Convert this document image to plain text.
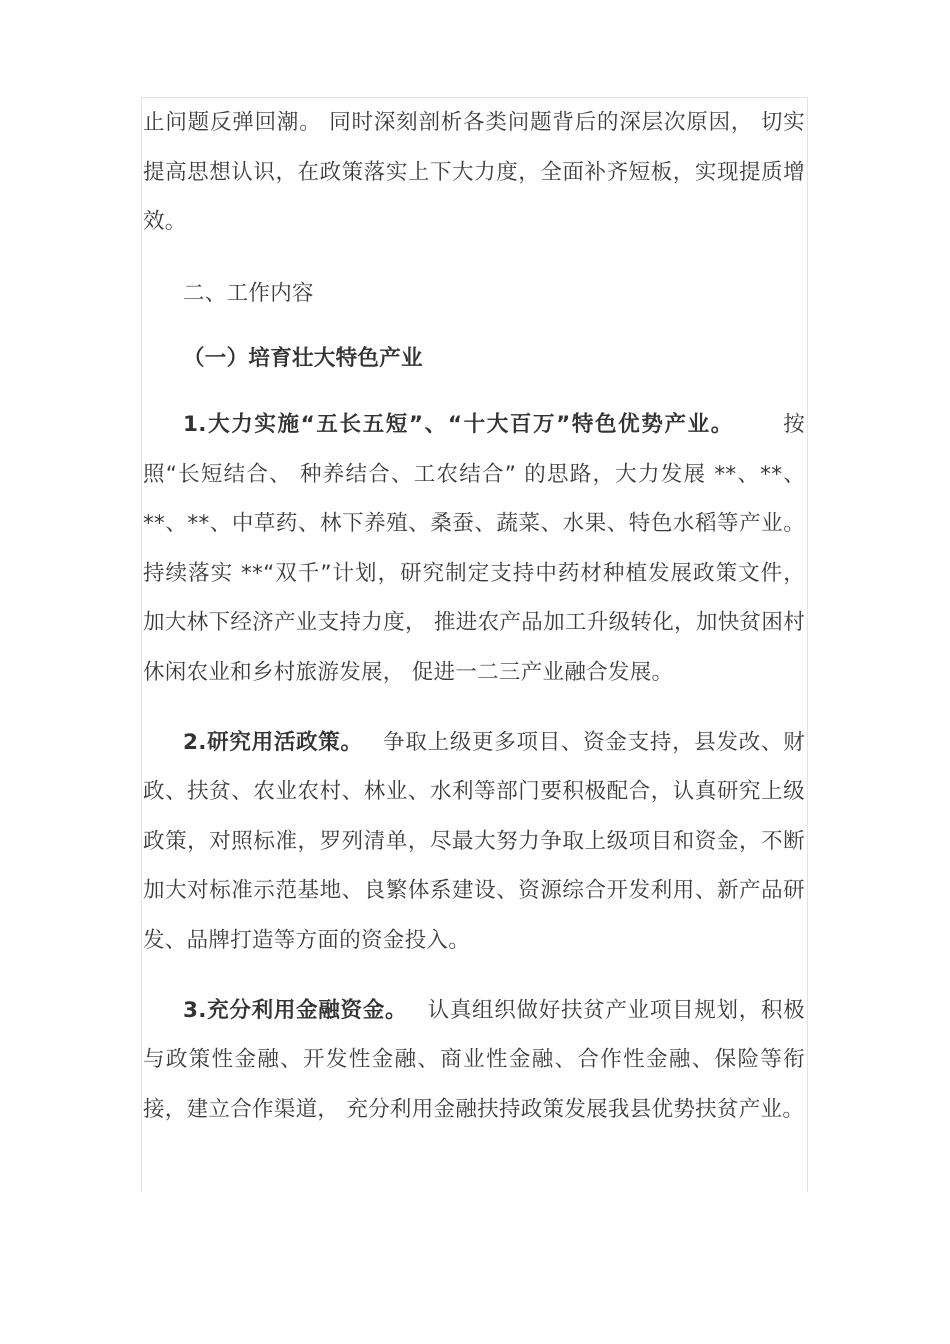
止问题反弹回潮。 同时深刻剖析各类问题背后的深层次原因， 切实提高思想认识，在政策落实上下大力度，全面补齐短板，实现提质增效。

二、工作内容

（一）培育壮大特色产业

1.大力实施“五长五短”、“十大百万”特色优势产业。 按照“长短结合、 种养结合、工农结合” 的思路，大力发展 **、**、**、**、中草药、林下养殖、桑蚕、蔬菜、水果、特色水稻等产业。持续落实 **“双千”计划，研究制定支持中药材种植发展政策文件，加大林下经济产业支持力度， 推进农产品加工升级转化，加快贫困村休闲农业和乡村旅游发展， 促进一二三产业融合发展。

2.研究用活政策。 争取上级更多项目、资金支持，县发改、财政、扶贫、农业农村、林业、水利等部门要积极配合，认真研究上级政策，对照标准，罗列清单，尽最大努力争取上级项目和资金，不断加大对标准示范基地、良繁体系建设、资源综合开发利用、新产品研发、品牌打造等方面的资金投入。

3.充分利用金融资金。 认真组织做好扶贫产业项目规划，积极与政策性金融、开发性金融、商业性金融、合作性金融、保险等衔接，建立合作渠道， 充分利用金融扶持政策发展我县优势扶贫产业。
